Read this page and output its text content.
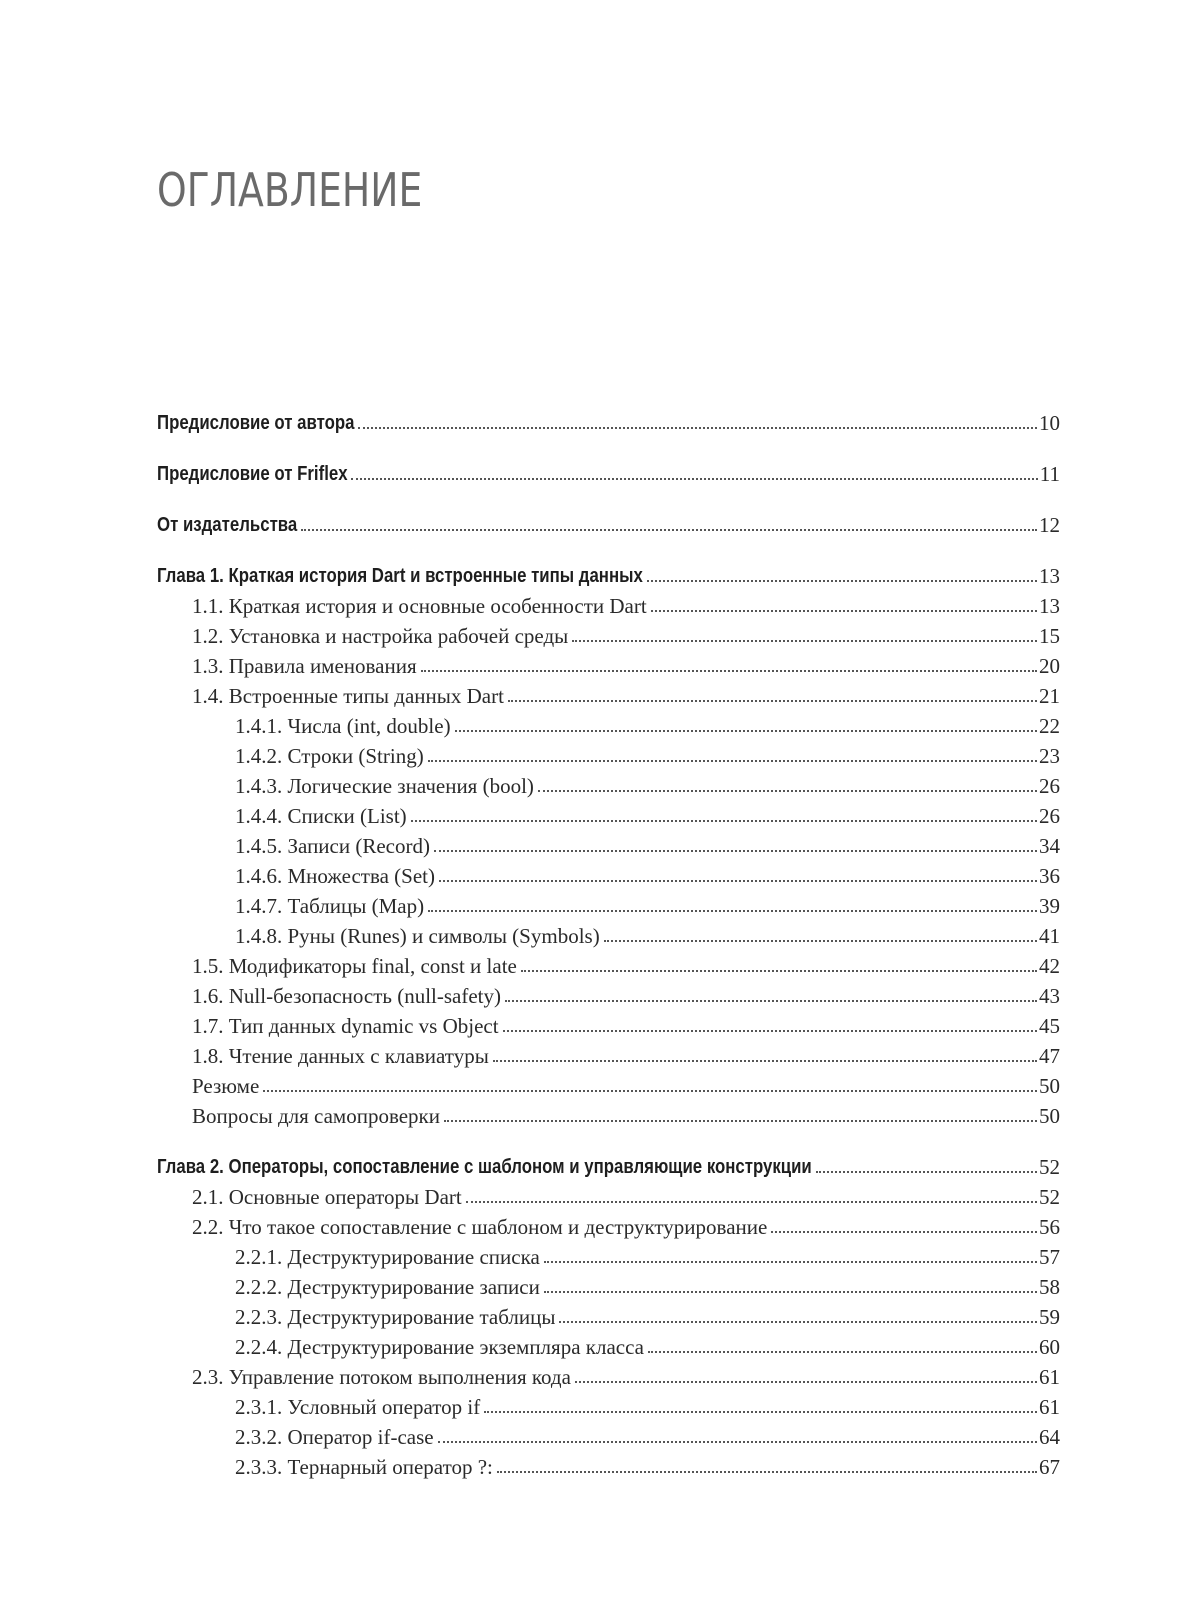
ОГЛАВЛЕНИЕ
Предисловие от автора	10
Предисловие от Friflex	11
От издательства	12
Глава 1. Краткая история Dart и встроенные типы данных	13
1.1. Краткая история и основные особенности Dart	13
1.2. Установка и настройка рабочей среды	15
1.3. Правила именования	20
1.4. Встроенные типы данных Dart	21
1.4.1. Числа (int, double)	22
1.4.2. Строки (String)	23
1.4.3. Логические значения (bool)	26
1.4.4. Списки (List)	26
1.4.5. Записи (Record)	34
1.4.6. Множества (Set)	36
1.4.7. Таблицы (Map)	39
1.4.8. Руны (Runes) и символы (Symbols)	41
1.5. Модификаторы final, const и late	42
1.6. Null-безопасность (null-safety)	43
1.7. Тип данных dynamic vs Object	45
1.8. Чтение данных с клавиатуры	47
Резюме	50
Вопросы для самопроверки	50
Глава 2. Операторы, сопоставление с шаблоном и управляющие конструкции	52
2.1. Основные операторы Dart	52
2.2. Что такое сопоставление с шаблоном и деструктурирование	56
2.2.1. Деструктурирование списка	57
2.2.2. Деструктурирование записи	58
2.2.3. Деструктурирование таблицы	59
2.2.4. Деструктурирование экземпляра класса	60
2.3. Управление потоком выполнения кода	61
2.3.1. Условный оператор if	61
2.3.2. Оператор if-case	64
2.3.3. Тернарный оператор ?:	67
